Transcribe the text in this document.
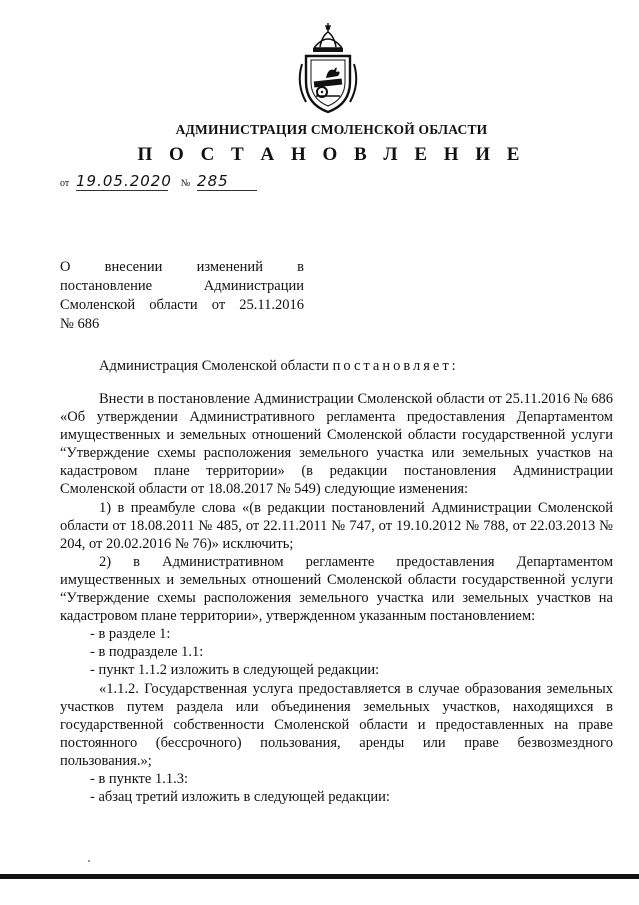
АДМИНИСТРАЦИЯ СМОЛЕНСКОЙ ОБЛАСТИ
П О С Т А Н О В Л Е Н И Е
от 19.05.2020 № 285
О внесении изменений в
постановление Администрации
Смоленской области от 25.11.2016
№ 686
Администрация Смоленской области постановляет:

Внести в постановление Администрации Смоленской области от 25.11.2016 № 686 «Об утверждении Административного регламента предоставления Департаментом имущественных и земельных отношений Смоленской области государственной услуги “Утверждение схемы расположения земельного участка или земельных участков на кадастровом плане территории» (в редакции постановления Администрации Смоленской области от 18.08.2017 № 549) следующие изменения:

1) в преамбуле слова «(в редакции постановлений Администрации Смоленской области от 18.08.2011 № 485, от 22.11.2011 № 747, от 19.10.2012 № 788, от 22.03.2013 № 204, от 20.02.2016 № 76)» исключить;

2) в Административном регламенте предоставления Департаментом имущественных и земельных отношений Смоленской области государственной услуги “Утверждение схемы расположения земельного участка или земельных участков на кадастровом плане территории», утвержденном указанным постановлением:

- в разделе 1:

- в подразделе 1.1:

- пункт 1.1.2 изложить в следующей редакции:

«1.1.2. Государственная услуга предоставляется в случае образования земельных участков путем раздела или объединения земельных участков, находящихся в государственной собственности Смоленской области и предоставленных на праве постоянного (бессрочного) пользования, аренды или праве безвозмездного пользования.»;

- в пункте 1.1.3:

- абзац третий изложить в следующей редакции:
